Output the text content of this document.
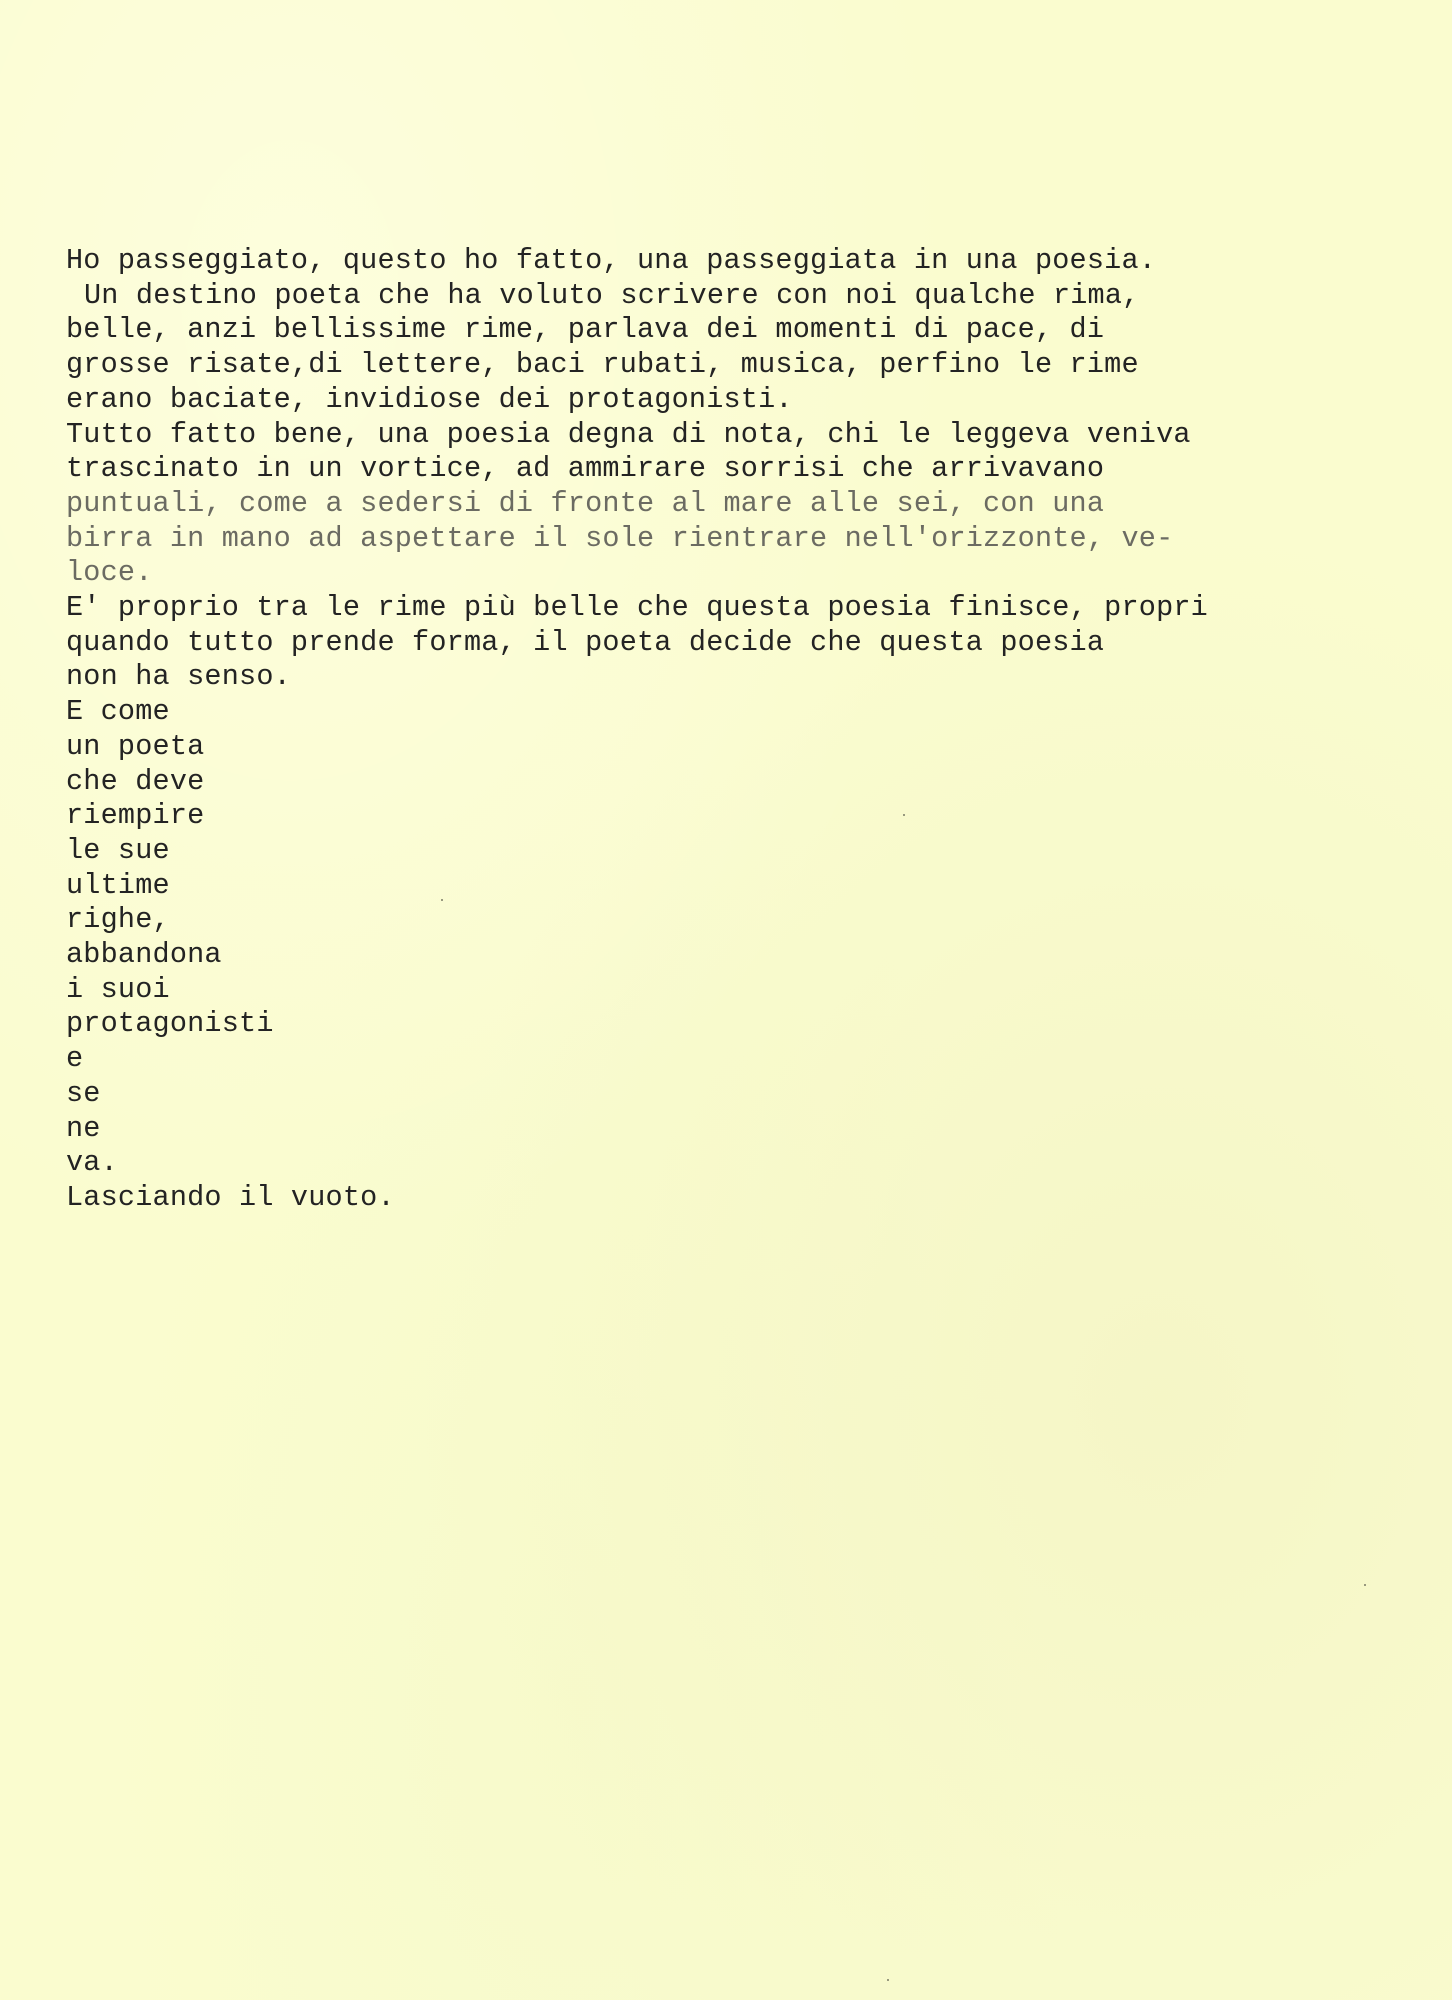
Ho passeggiato, questo ho fatto, una passeggiata in una poesia.
Un destino poeta che ha voluto scrivere con noi qualche rima,
belle, anzi bellissime rime, parlava dei momenti di pace, di
grosse risate,di lettere, baci rubati, musica, perfino le rime
erano baciate, invidiose dei protagonisti.
Tutto fatto bene, una poesia degna di nota, chi le leggeva veniva
trascinato in un vortice, ad ammirare sorrisi che arrivavano
puntuali, come a sedersi di fronte al mare alle sei, con una
birra in mano ad aspettare il sole rientrare nell'orizzonte, ve-
loce.
E' proprio tra le rime più belle che questa poesia finisce, propri
quando tutto prende forma, il poeta decide che questa poesia
non ha senso.
E come
un poeta
che deve
riempire
le sue
ultime
righe,
abbandona
i suoi
protagonisti
e
se
ne
va.
Lasciando il vuoto.
